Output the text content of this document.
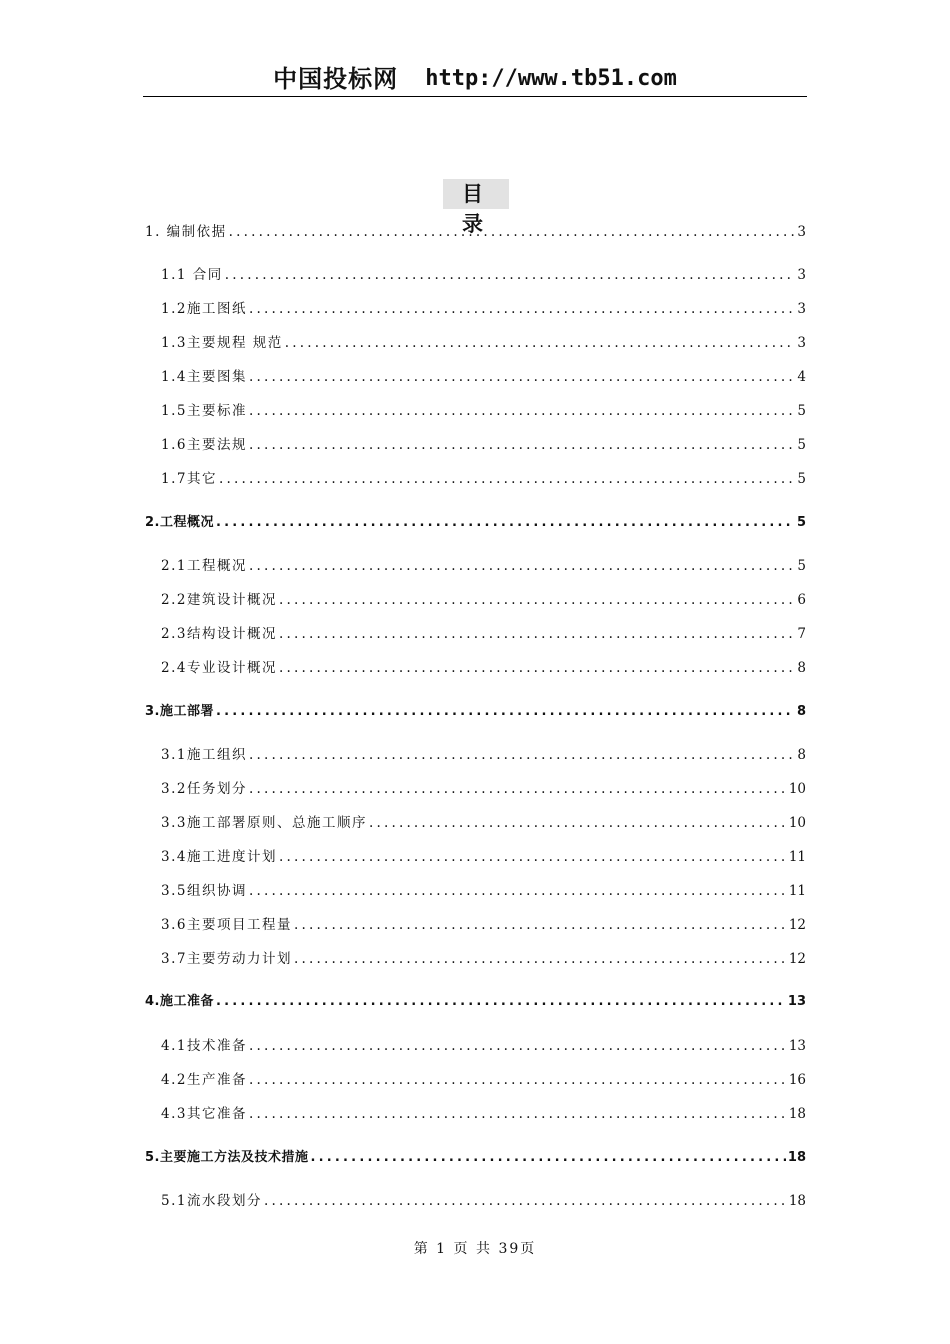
中国投标网 http://www.tb51.com
目录
1. 编制依据 .....	3
1.1 合同 .....	3
1.2施工图纸 .....	3
1.3主要规程 规范 .....	3
1.4主要图集 .....	4
1.5主要标准 .....	5
1.6主要法规 .....	5
1.7其它 .....	5
2.工程概况 .....	5
2.1工程概况 .....	5
2.2建筑设计概况 .....	6
2.3结构设计概况 .....	7
2.4专业设计概况 .....	8
3.施工部署 .....	8
3.1施工组织 .....	8
3.2任务划分 .....	10
3.3施工部署原则、总施工顺序 .....	10
3.4施工进度计划 .....	11
3.5组织协调 .....	11
3.6主要项目工程量 .....	12
3.7主要劳动力计划 .....	12
4.施工准备 .....	13
4.1技术准备 .....	13
4.2生产准备 .....	16
4.3其它准备 .....	18
5.主要施工方法及技术措施 .....	18
5.1流水段划分 .....	18
第 1 页 共 39页
